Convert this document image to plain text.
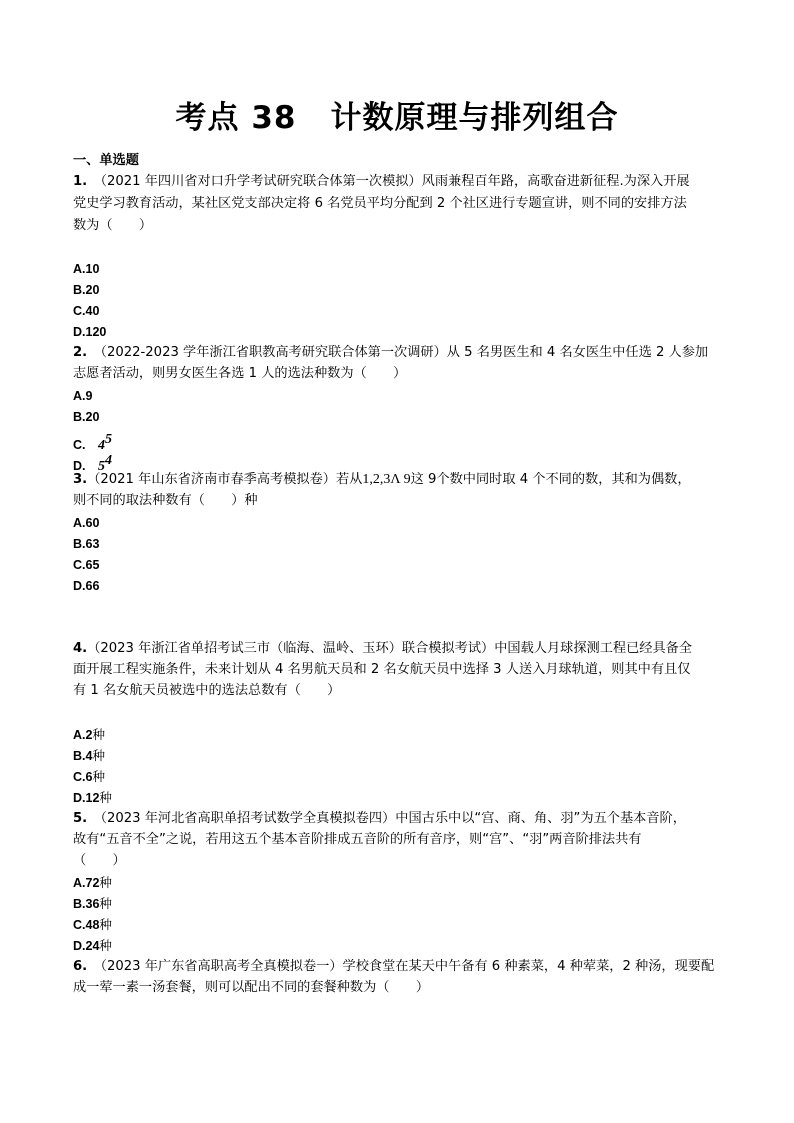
考点 38 计数原理与排列组合
一、单选题
1.　 （2021 年四川省对口升学考试研究联合体第一次模拟）风雨兼程百年路，高歌奋进新征程.为深入开展
党史学习教育活动，某社区党支部决定将 6 名党员平均分配到 2 个社区进行专题宣讲，则不同的安排方法
数为（　　）
A.10
B.20
C.40
D.120
2.　 （2022-2023 学年浙江省职教高考研究联合体第一次调研）从 5 名男医生和 4 名女医生中任选 2 人参加
志愿者活动，则男女医生各选 1 人的选法种数为（　　）
A.9
B.20
C.　 $4^5$
D.　 $5^4$
3.（2021 年山东省济南市春季高考模拟卷）若从1,2,3Λ 9这 9个数中同时取 4 个不同的数，其和为偶数，
则不同的取法种数有（　　）种
A.60
B.63
C.65
D.66
4.（2023 年浙江省单招考试三市（临海、温岭、玉环）联合模拟考试）中国载人月球探测工程已经具备全
面开展工程实施条件，未来计划从 4 名男航天员和 2 名女航天员中选择 3 人送入月球轨道，则其中有且仅
有 1 名女航天员被选中的选法总数有（　　）
A.2种
B.4种
C.6种
D.12种
5.　 （2023 年河北省高职单招考试数学全真模拟卷四）中国古乐中以“宫、商、角、羽”为五个基本音阶，
故有“五音不全”之说，若用这五个基本音阶排成五音阶的所有音序，则“宫”、“羽”两音阶排法共有
（　　）
A.72种
B.36种
C.48种
D.24种
6.　 （2023 年广东省高职高考全真模拟卷一）学校食堂在某天中午备有 6 种素菜，4 种荤菜，2 种汤，现要配
成一荤一素一汤套餐，则可以配出不同的套餐种数为（　　）
